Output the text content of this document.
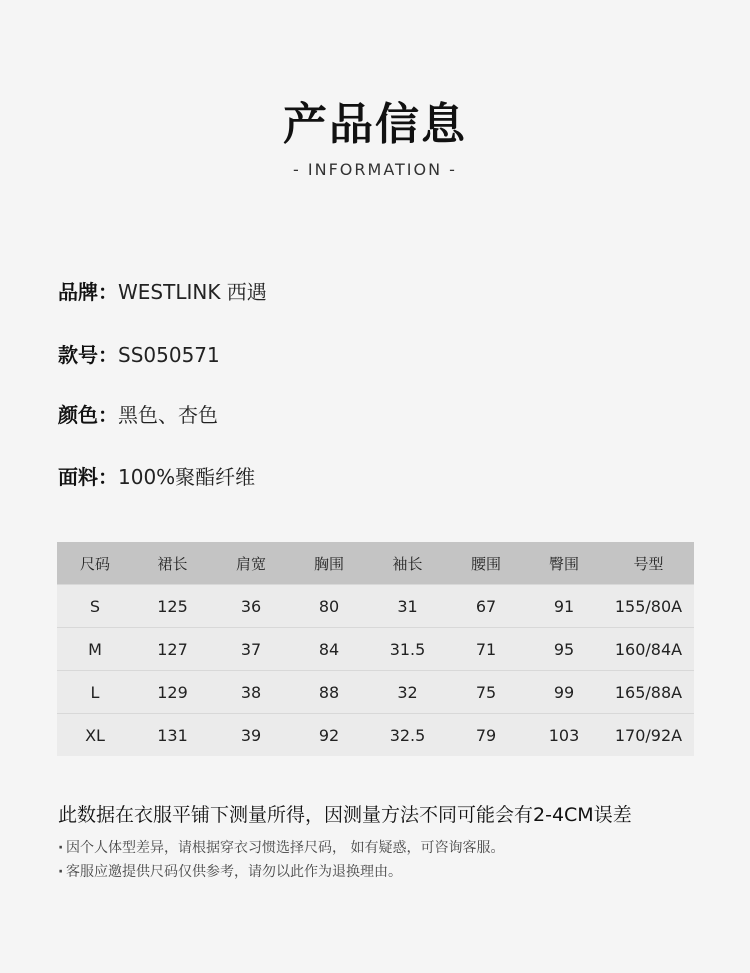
产品信息
- INFORMATION -
品牌：WESTLINK 西遇
款号：SS050571
颜色：黑色、杏色
面料：100%聚酯纤维
尺码	裙长	肩宽	胸围	袖长	腰围	臀围	号型
S	125	36	80	31	67	91	155/80A
M	127	37	84	31.5	71	95	160/84A
L	129	38	88	32	75	99	165/88A
XL	131	39	92	32.5	79	103	170/92A
此数据在衣服平铺下测量所得，因测量方法不同可能会有2-4CM误差
· 因个人体型差异，请根据穿衣习惯选择尺码， 如有疑惑，可咨询客服。
· 客服应邀提供尺码仅供参考，请勿以此作为退换理由。
